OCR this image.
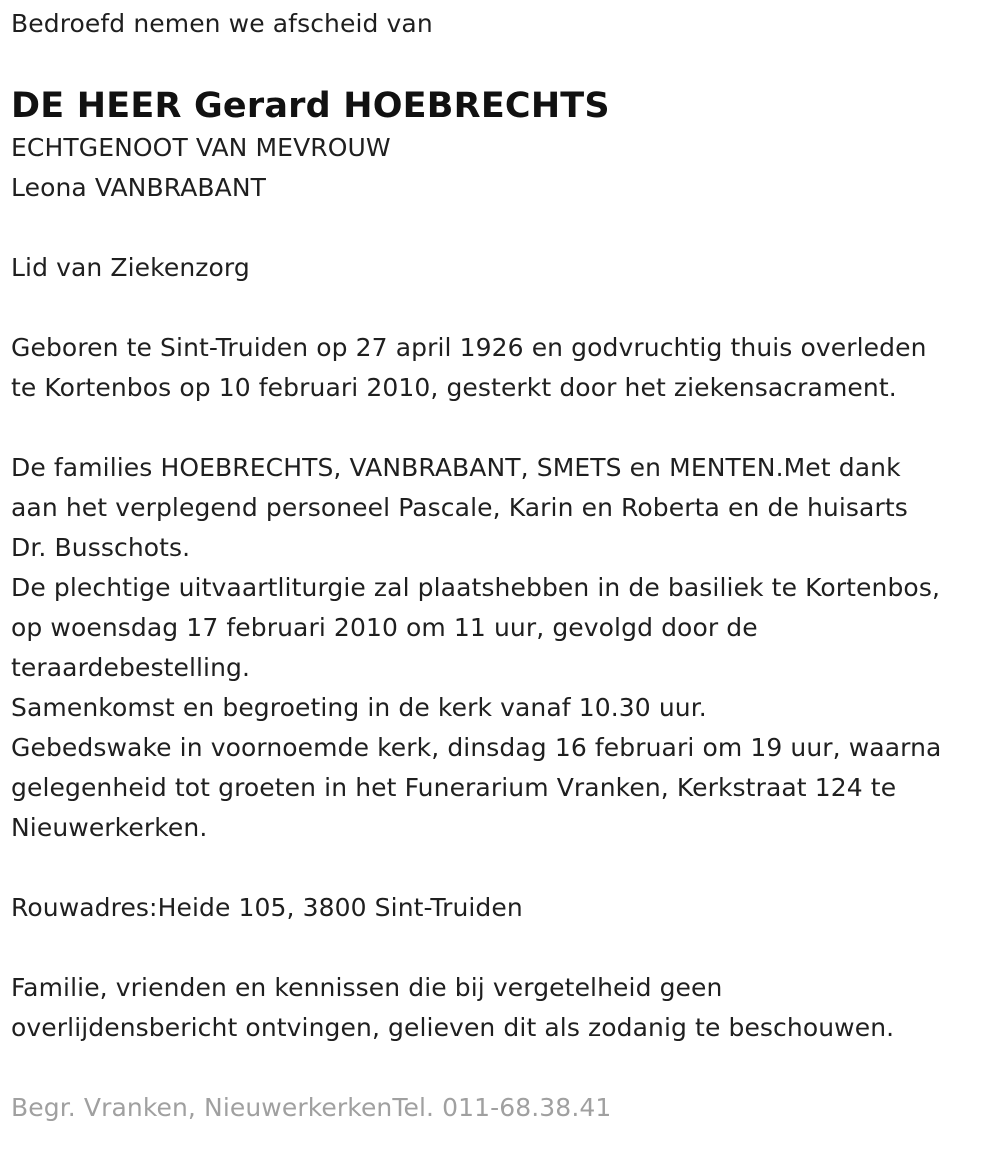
Bedroefd nemen we afscheid van
DE HEER Gerard HOEBRECHTS
ECHTGENOOT VAN MEVROUW
Leona VANBRABANT
Lid van Ziekenzorg
Geboren te Sint-Truiden op 27 april 1926 en godvruchtig thuis overleden
te Kortenbos op 10 februari 2010, gesterkt door het ziekensacrament.
De families HOEBRECHTS, VANBRABANT, SMETS en MENTEN.Met dank
aan het verplegend personeel Pascale, Karin en Roberta en de huisarts
Dr. Busschots.
De plechtige uitvaartliturgie zal plaatshebben in de basiliek te Kortenbos,
op woensdag 17 februari 2010 om 11 uur, gevolgd door de
teraardebestelling.
Samenkomst en begroeting in de kerk vanaf 10.30 uur.
Gebedswake in voornoemde kerk, dinsdag 16 februari om 19 uur, waarna
gelegenheid tot groeten in het Funerarium Vranken, Kerkstraat 124 te
Nieuwerkerken.
Rouwadres:Heide 105, 3800 Sint-Truiden
Familie, vrienden en kennissen die bij vergetelheid geen
overlijdensbericht ontvingen, gelieven dit als zodanig te beschouwen.
Begr. Vranken, NieuwerkerkenTel. 011-68.38.41
